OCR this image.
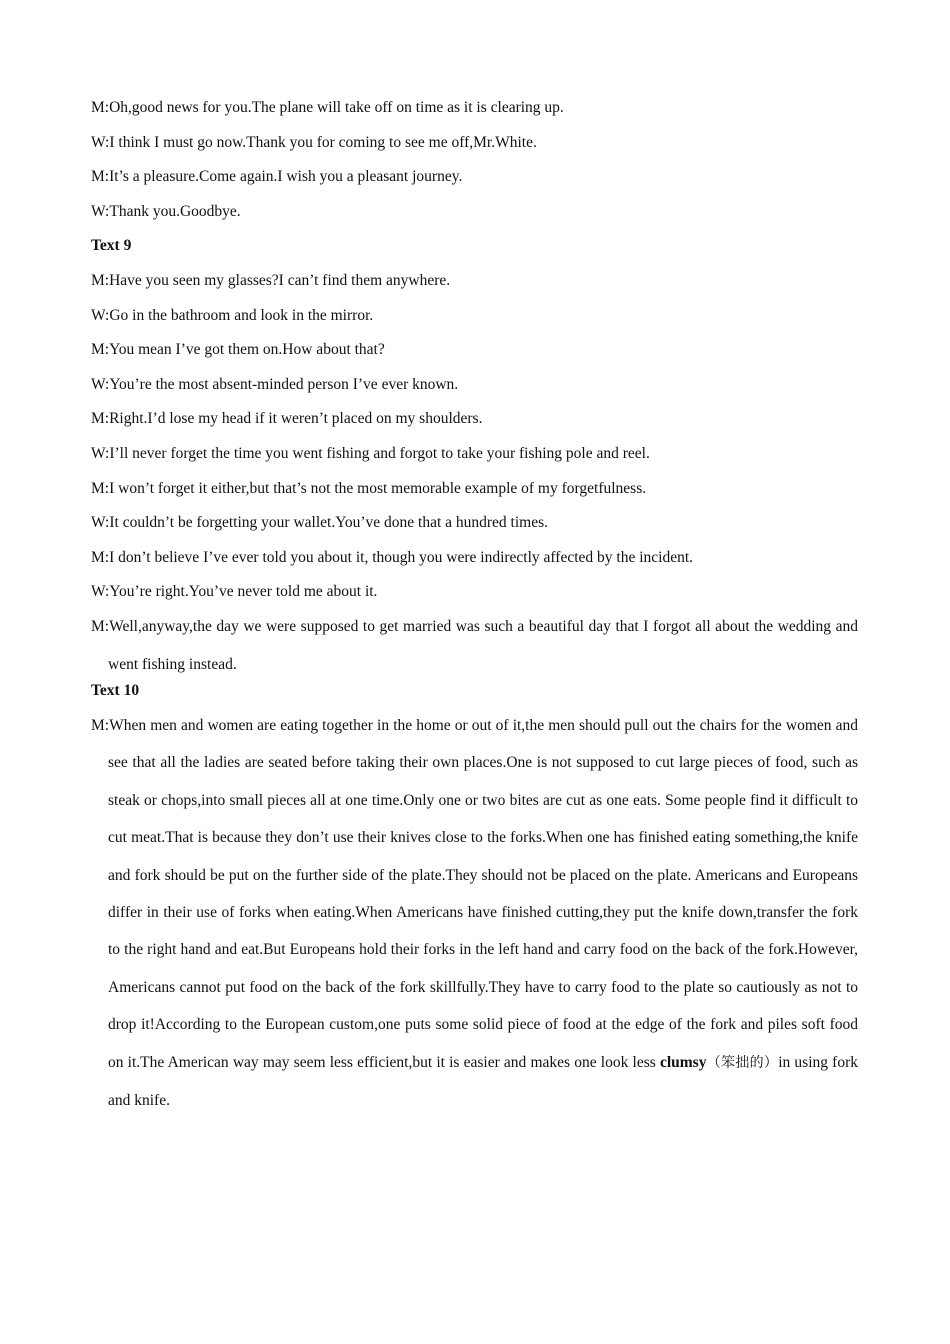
M:Oh,good news for you.The plane will take off on time as it is clearing up.

W:I think I must go now.Thank you for coming to see me off,Mr.White.

M:It’s a pleasure.Come again.I wish you a pleasant journey.

W:Thank you.Goodbye.

Text 9

M:Have you seen my glasses?I can’t find them anywhere.

W:Go in the bathroom and look in the mirror.

M:You mean I’ve got them on.How about that?

W:You’re the most absent-minded person I’ve ever known.

M:Right.I’d lose my head if it weren’t placed on my shoulders.

W:I’ll never forget the time you went fishing and forgot to take your fishing pole and reel.

M:I won’t forget it either,but that’s not the most memorable example of my forgetfulness.

W:It couldn’t be forgetting your wallet.You’ve done that a hundred times.

M:I don’t believe I’ve ever told you about it, though you were indirectly affected by the incident.

W:You’re right.You’ve never told me about it.

M:Well,anyway,the day we were supposed to get married was such a beautiful day that I forgot all about the wedding and went fishing instead.

Text 10

M:When men and women are eating together in the home or out of it,the men should pull out the chairs for the women and see that all the ladies are seated before taking their own places.One is not supposed to cut large pieces of food, such as steak or chops,into small pieces all at one time.Only one or two bites are cut as one eats. Some people find it difficult to cut meat.That is because they don’t use their knives close to the forks.When one has finished eating something,the knife and fork should be put on the further side of the plate.They should not be placed on the plate. Americans and Europeans differ in their use of forks when eating.When Americans have finished cutting,they put the knife down,transfer the fork to the right hand and eat.But Europeans hold their forks in the left hand and carry food on the back of the fork.However, Americans cannot put food on the back of the fork skillfully.They have to carry food to the plate so cautiously as not to drop it!According to the European custom,one puts some solid piece of food at the edge of the fork and piles soft food on it.The American way may seem less efficient,but it is easier and makes one look less clumsy（笨拙的）in using fork and knife.
